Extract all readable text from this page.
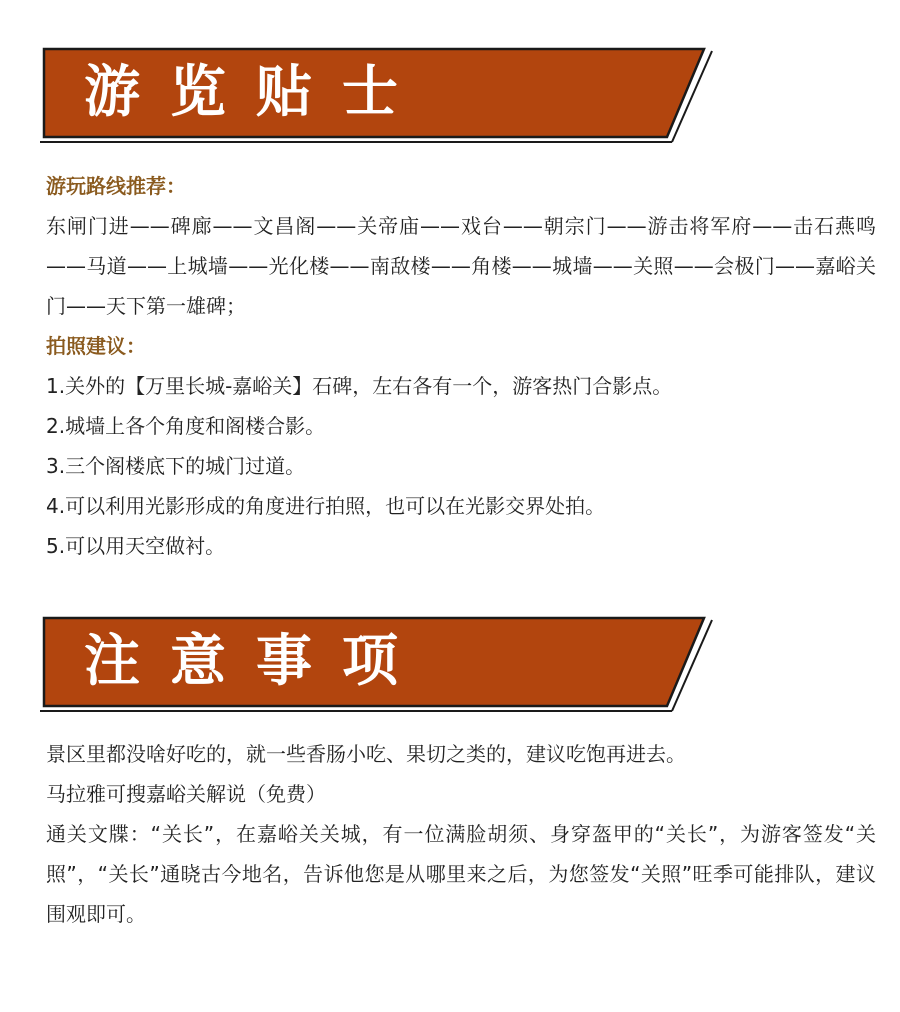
游览贴士
游玩路线推荐：
东闸门进——碑廊——文昌阁——关帝庙——戏台——朝宗门——游击将军府——击石燕鸣——马道——上城墙——光化楼——南敌楼——角楼——城墙——关照——会极门——嘉峪关门——天下第一雄碑；
拍照建议：
1.关外的【万里长城-嘉峪关】石碑，左右各有一个，游客热门合影点。
2.城墙上各个角度和阁楼合影。
3.三个阁楼底下的城门过道。
4.可以利用光影形成的角度进行拍照，也可以在光影交界处拍。
5.可以用天空做衬。
注意事项
景区里都没啥好吃的，就一些香肠小吃、果切之类的，建议吃饱再进去。
马拉雅可搜嘉峪关解说（免费）
通关文牒：“关长”，在嘉峪关关城，有一位满脸胡须、身穿盔甲的“关长”，为游客签发“关照”，“关长”通晓古今地名，告诉他您是从哪里来之后，为您签发“关照”旺季可能排队，建议围观即可。
